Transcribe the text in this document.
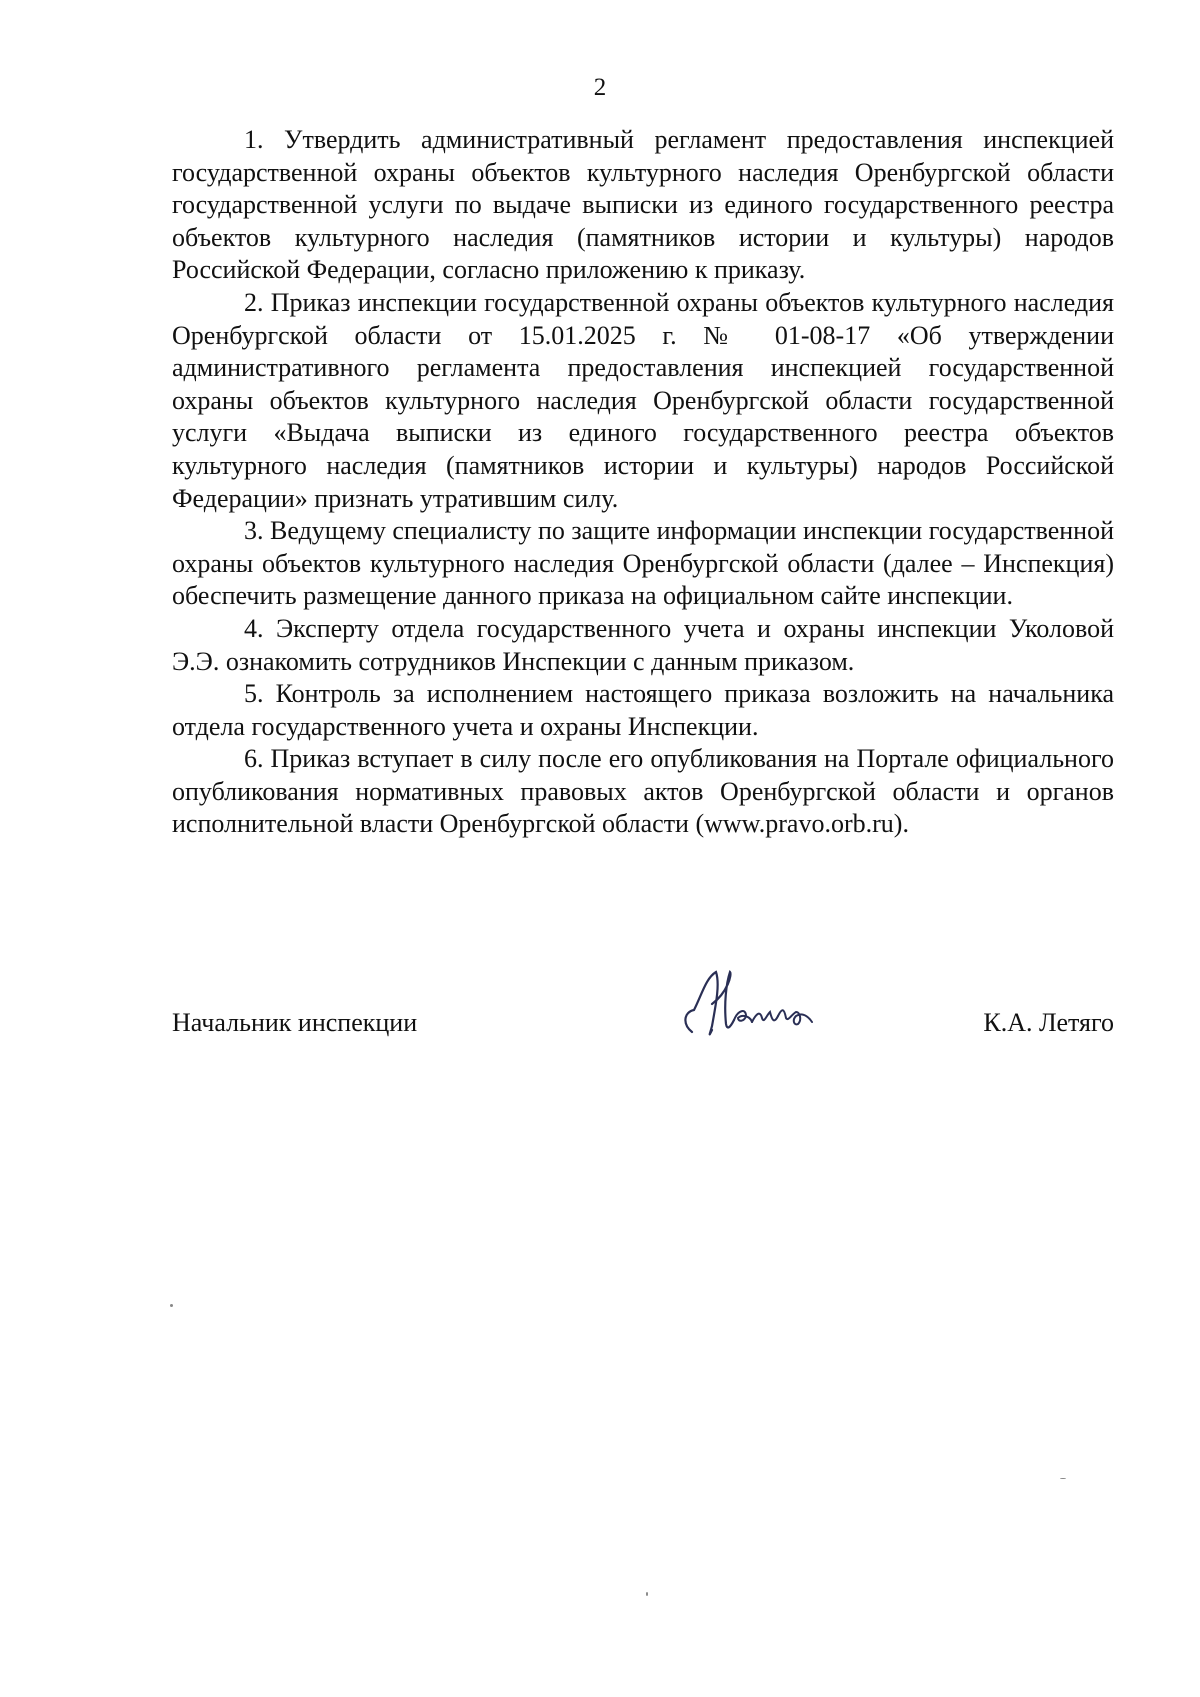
2

1. Утвердить административный регламент предоставления инспекцией государственной охраны объектов культурного наследия Оренбургской области государственной услуги по выдаче выписки из единого государственного реестра объектов культурного наследия (памятников истории и культуры) народов Российской Федерации, согласно приложению к приказу.

2. Приказ инспекции государственной охраны объектов культурного наследия Оренбургской области от 15.01.2025 г. № 01-08-17 «Об утверждении административного регламента предоставления инспекцией государственной охраны объектов культурного наследия Оренбургской области государственной услуги «Выдача выписки из единого государственного реестра объектов культурного наследия (памятников истории и культуры) народов Российской Федерации» признать утратившим силу.

3. Ведущему специалисту по защите информации инспекции государственной охраны объектов культурного наследия Оренбургской области (далее – Инспекция) обеспечить размещение данного приказа на официальном сайте инспекции.

4. Эксперту отдела государственного учета и охраны инспекции Уколовой Э.Э. ознакомить сотрудников Инспекции с данным приказом.

5. Контроль за исполнением настоящего приказа возложить на начальника отдела государственного учета и охраны Инспекции.

6. Приказ вступает в силу после его опубликования на Портале официального опубликования нормативных правовых актов Оренбургской области и органов исполнительной власти Оренбургской области (www.pravo.orb.ru).

Начальник инспекции	К.А. Летяго
